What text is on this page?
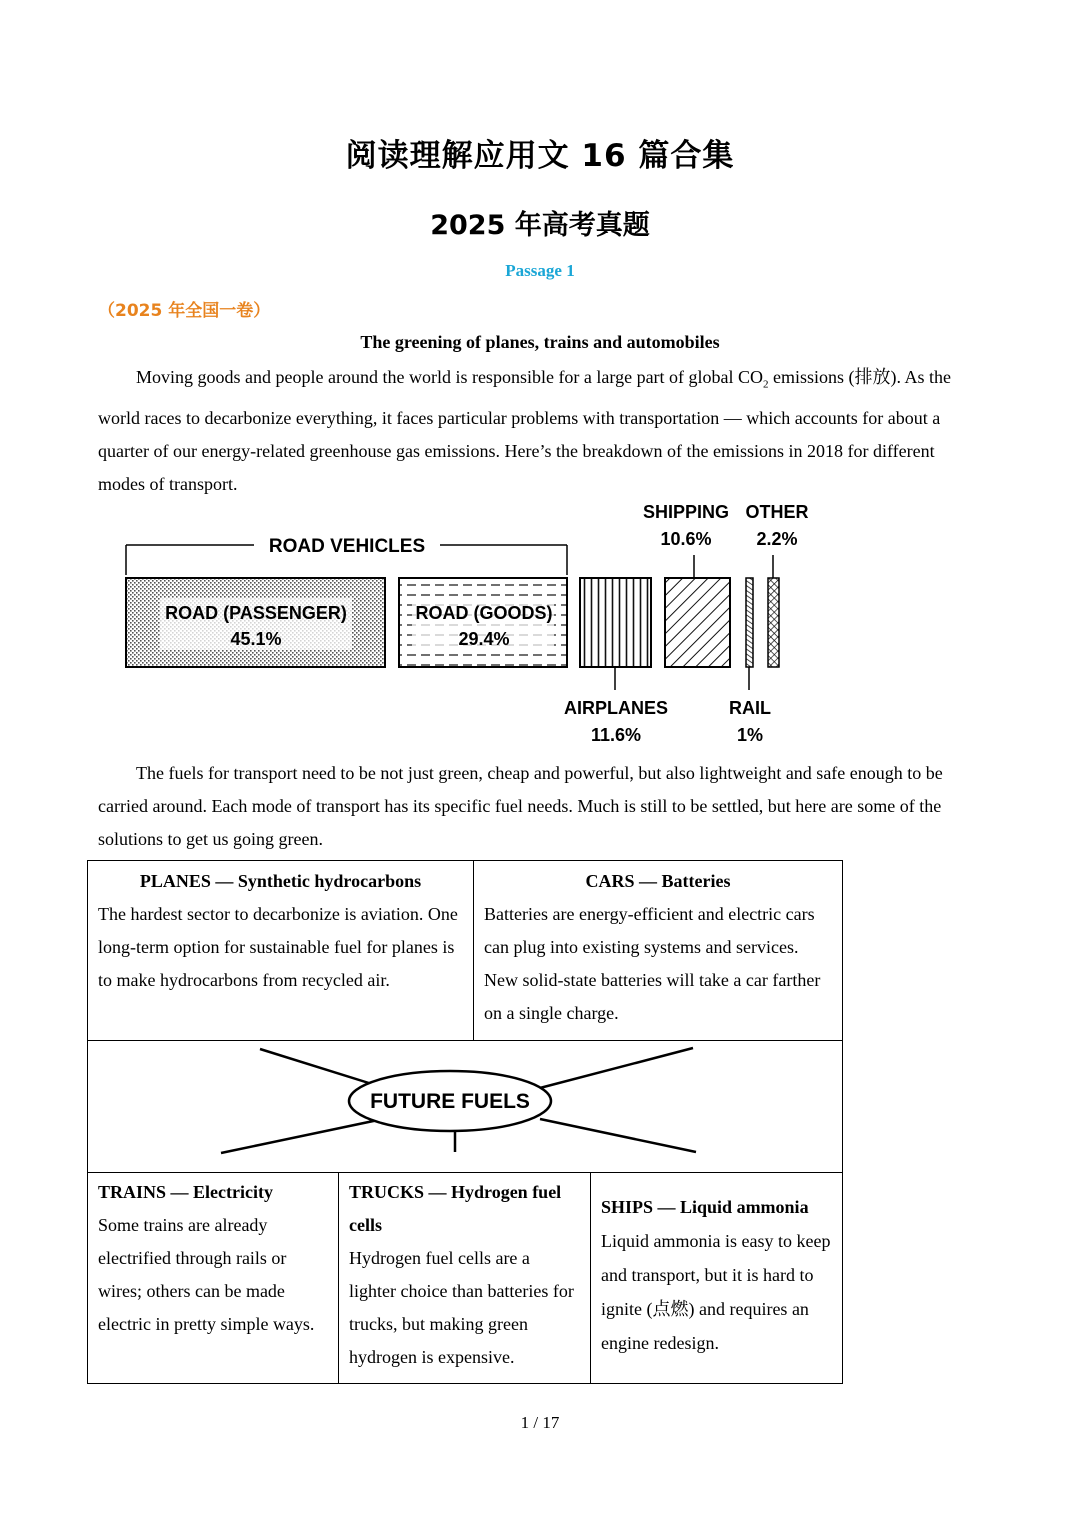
阅读理解应用文 16 篇合集
2025 年高考真题
Passage 1
（2025 年全国一卷）
The greening of planes, trains and automobiles

Moving goods and people around the world is responsible for a large part of global $CO_2$ emissions (排放). As the world races to decarbonize everything, it faces particular problems with transportation — which accounts for about a quarter of our energy-related greenhouse gas emissions. Here’s the breakdown of the emissions in 2018 for different modes of transport.

ROAD VEHICLES
ROAD (PASSENGER)
45.1%
ROAD (GOODS)
29.4%
SHIPPING
10.6%
OTHER
2.2%
AIRPLANES
11.6%
RAIL
1%

The fuels for transport need to be not just green, cheap and powerful, but also lightweight and safe enough to be carried around. Each mode of transport has its specific fuel needs. Much is still to be settled, but here are some of the solutions to get us going green.

PLANES — Synthetic hydrocarbons
The hardest sector to decarbonize is aviation. One long-term option for sustainable fuel for planes is to make hydrocarbons from recycled air.
CARS — Batteries
Batteries are energy-efficient and electric cars can plug into existing systems and services. New solid-state batteries will take a car farther on a single charge.
FUTURE FUELS
TRAINS — Electricity
Some trains are already electrified through rails or wires; others can be made electric in pretty simple ways.
TRUCKS — Hydrogen fuel cells
Hydrogen fuel cells are a lighter choice than batteries for trucks, but making green hydrogen is expensive.
SHIPS — Liquid ammonia
Liquid ammonia is easy to keep and transport, but it is hard to ignite (点燃) and requires an engine redesign.
1 / 17
